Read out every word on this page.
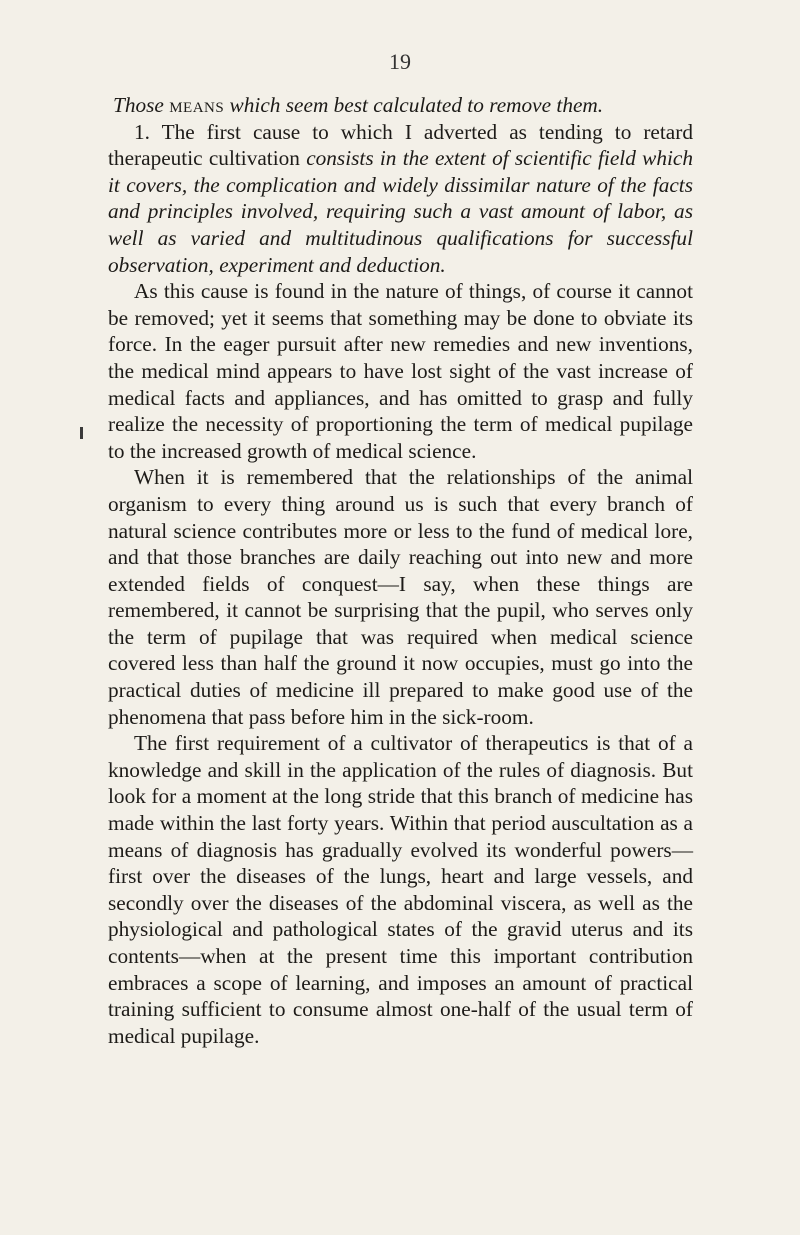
19

Those means which seem best calculated to remove them.

1. The first cause to which I adverted as tending to retard therapeutic cultivation consists in the extent of scientific field which it covers, the complication and widely dissimilar nature of the facts and principles involved, requiring such a vast amount of labor, as well as varied and multitudinous qualifications for successful observation, experiment and deduction.

As this cause is found in the nature of things, of course it cannot be removed; yet it seems that something may be done to obviate its force. In the eager pursuit after new remedies and new inventions, the medical mind appears to have lost sight of the vast increase of medical facts and appliances, and has omitted to grasp and fully realize the necessity of proportioning the term of medical pupilage to the increased growth of medical science.

When it is remembered that the relationships of the animal organism to every thing around us is such that every branch of natural science contributes more or less to the fund of medical lore, and that those branches are daily reaching out into new and more extended fields of conquest—I say, when these things are remembered, it cannot be surprising that the pupil, who serves only the term of pupilage that was required when medical science covered less than half the ground it now occupies, must go into the practical duties of medicine ill prepared to make good use of the phenomena that pass before him in the sick-room.

The first requirement of a cultivator of therapeutics is that of a knowledge and skill in the application of the rules of diagnosis. But look for a moment at the long stride that this branch of medicine has made within the last forty years. Within that period auscultation as a means of diagnosis has gradually evolved its wonderful powers—first over the diseases of the lungs, heart and large vessels, and secondly over the diseases of the abdominal viscera, as well as the physiological and pathological states of the gravid uterus and its contents—when at the present time this important contribution embraces a scope of learning, and imposes an amount of practical training sufficient to consume almost one-half of the usual term of medical pupilage.
